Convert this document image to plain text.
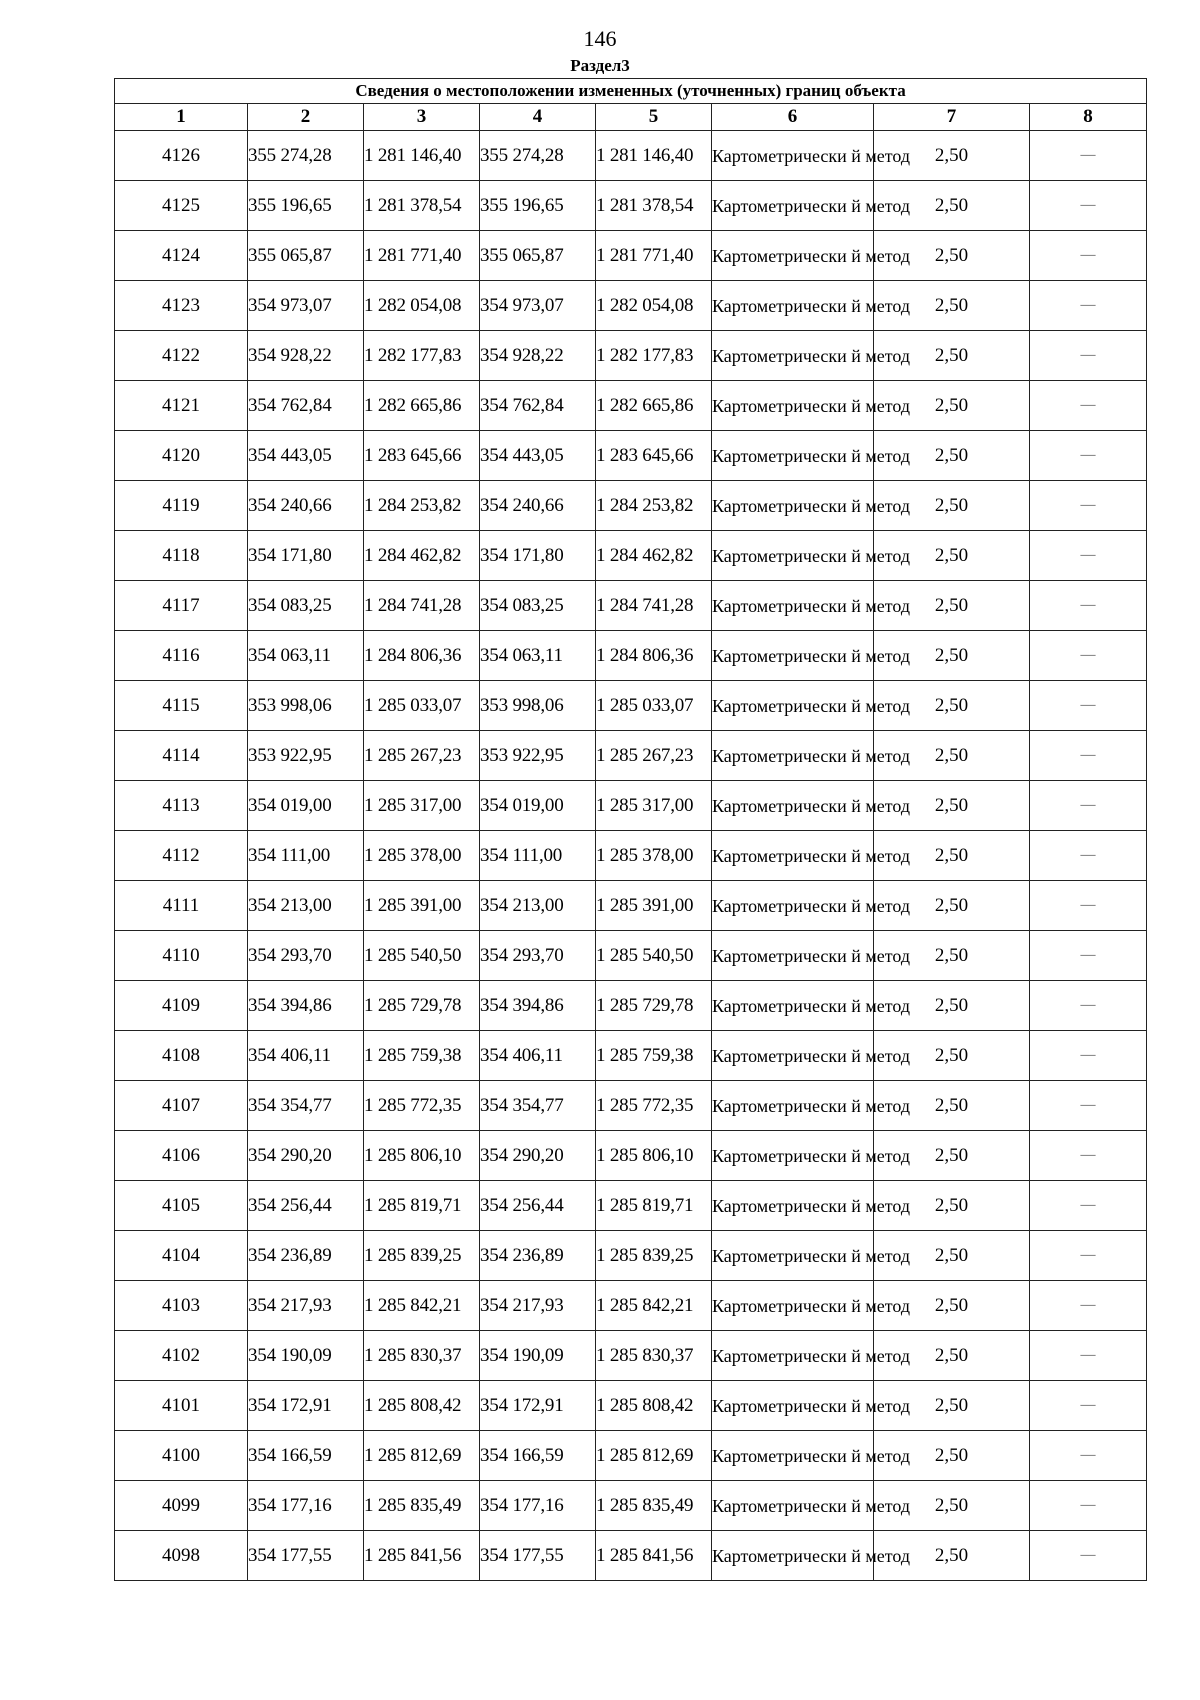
146
Раздел3
Сведения о местоположении измененных (уточненных) границ объекта							
1	2	3	4	5	6	7	8
4126	355 274,28	1 281 146,40	355 274,28	1 281 146,40	Картометрически й метод	2,50	—
4125	355 196,65	1 281 378,54	355 196,65	1 281 378,54	Картометрически й метод	2,50	—
4124	355 065,87	1 281 771,40	355 065,87	1 281 771,40	Картометрически й метод	2,50	—
4123	354 973,07	1 282 054,08	354 973,07	1 282 054,08	Картометрически й метод	2,50	—
4122	354 928,22	1 282 177,83	354 928,22	1 282 177,83	Картометрически й метод	2,50	—
4121	354 762,84	1 282 665,86	354 762,84	1 282 665,86	Картометрически й метод	2,50	—
4120	354 443,05	1 283 645,66	354 443,05	1 283 645,66	Картометрически й метод	2,50	—
4119	354 240,66	1 284 253,82	354 240,66	1 284 253,82	Картометрически й метод	2,50	—
4118	354 171,80	1 284 462,82	354 171,80	1 284 462,82	Картометрически й метод	2,50	—
4117	354 083,25	1 284 741,28	354 083,25	1 284 741,28	Картометрически й метод	2,50	—
4116	354 063,11	1 284 806,36	354 063,11	1 284 806,36	Картометрически й метод	2,50	—
4115	353 998,06	1 285 033,07	353 998,06	1 285 033,07	Картометрически й метод	2,50	—
4114	353 922,95	1 285 267,23	353 922,95	1 285 267,23	Картометрически й метод	2,50	—
4113	354 019,00	1 285 317,00	354 019,00	1 285 317,00	Картометрически й метод	2,50	—
4112	354 111,00	1 285 378,00	354 111,00	1 285 378,00	Картометрически й метод	2,50	—
4111	354 213,00	1 285 391,00	354 213,00	1 285 391,00	Картометрически й метод	2,50	—
4110	354 293,70	1 285 540,50	354 293,70	1 285 540,50	Картометрически й метод	2,50	—
4109	354 394,86	1 285 729,78	354 394,86	1 285 729,78	Картометрически й метод	2,50	—
4108	354 406,11	1 285 759,38	354 406,11	1 285 759,38	Картометрически й метод	2,50	—
4107	354 354,77	1 285 772,35	354 354,77	1 285 772,35	Картометрически й метод	2,50	—
4106	354 290,20	1 285 806,10	354 290,20	1 285 806,10	Картометрически й метод	2,50	—
4105	354 256,44	1 285 819,71	354 256,44	1 285 819,71	Картометрически й метод	2,50	—
4104	354 236,89	1 285 839,25	354 236,89	1 285 839,25	Картометрически й метод	2,50	—
4103	354 217,93	1 285 842,21	354 217,93	1 285 842,21	Картометрически й метод	2,50	—
4102	354 190,09	1 285 830,37	354 190,09	1 285 830,37	Картометрически й метод	2,50	—
4101	354 172,91	1 285 808,42	354 172,91	1 285 808,42	Картометрически й метод	2,50	—
4100	354 166,59	1 285 812,69	354 166,59	1 285 812,69	Картометрически й метод	2,50	—
4099	354 177,16	1 285 835,49	354 177,16	1 285 835,49	Картометрически й метод	2,50	—
4098	354 177,55	1 285 841,56	354 177,55	1 285 841,56	Картометрически й метод	2,50	—
